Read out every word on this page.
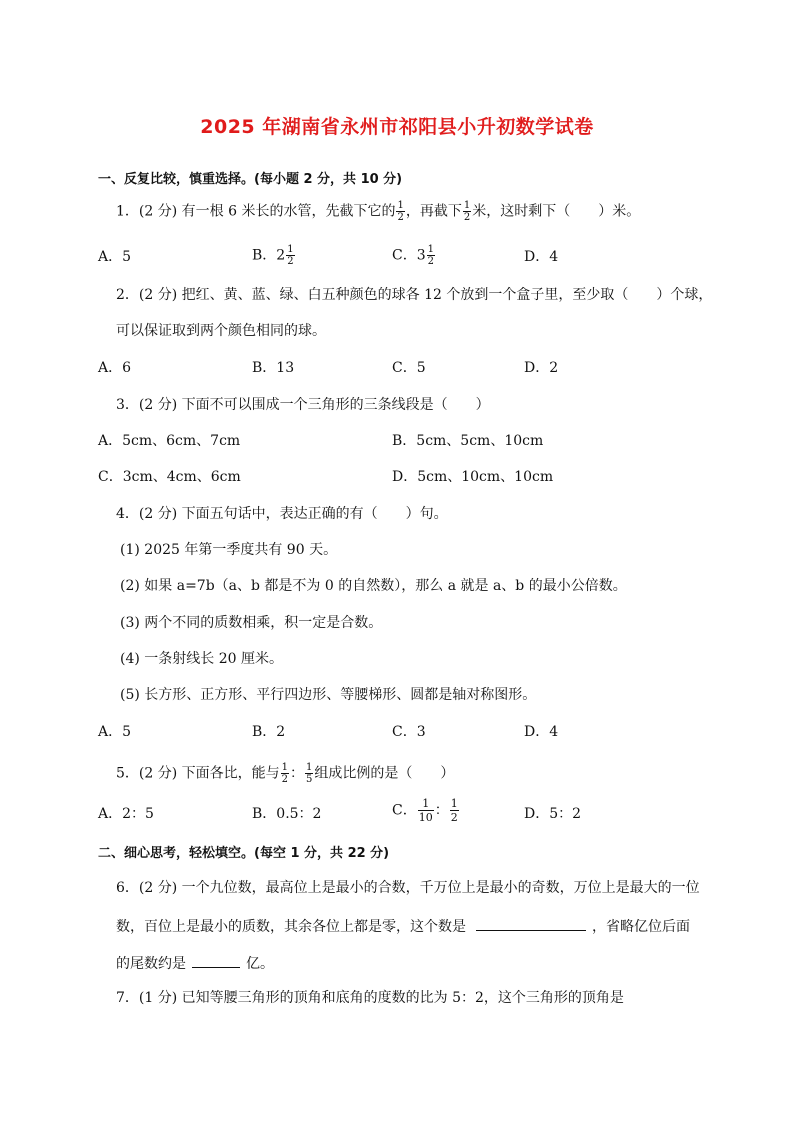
2025 年湖南省永州市祁阳县小升初数学试卷
一、反复比较，慎重选择。(每小题 2 分，共 10 分)
1．(2 分) 有一根 6 米长的水管，先截下它的 $\frac{1}{2}$ ，再截下 $\frac{1}{2}$ 米，这时剩下（　　）米。
A．5	B．$2 \frac{1}{2}$	C．$3 \frac{1}{2}$	D．4
2．(2 分) 把红、黄、蓝、绿、白五种颜色的球各 12 个放到一个盒子里，至少取（　　）个球，
可以保证取到两个颜色相同的球。
A．6	B．13	C．5	D．2
3．(2 分) 下面不可以围成一个三角形的三条线段是（　　）
A．5cm、6cm、7cm	B．5cm、5cm、10cm
C．3cm、4cm、6cm	D．5cm、10cm、10cm
4．(2 分) 下面五句话中，表达正确的有（　　）句。
(1) 2025 年第一季度共有 90 天。
(2) 如果 a=7b（a、b 都是不为 0 的自然数），那么 a 就是 a、b 的最小公倍数。
(3) 两个不同的质数相乘，积一定是合数。
(4) 一条射线长 20 厘米。
(5) 长方形、正方形、平行四边形、等腰梯形、圆都是轴对称图形。
A．5	B．2	C．3	D．4
5．(2 分) 下面各比，能与 $\frac{1}{2}$ ： $\frac{1}{5}$ 组成比例的是（　　）
A．2：5	B．0.5：2	C． $\frac{1}{10}$ ： $\frac{1}{2}$	D．5：2
二、细心思考，轻松填空。(每空 1 分，共 22 分)
6．(2 分) 一个九位数，最高位上是最小的合数，千万位上是最小的奇数，万位上是最大的一位
数，百位上是最小的质数，其余各位上都是零，这个数是	，省略亿位后面
的尾数约是	亿。
7．(1 分) 已知等腰三角形的顶角和底角的度数的比为 5：2，这个三角形的顶角是
